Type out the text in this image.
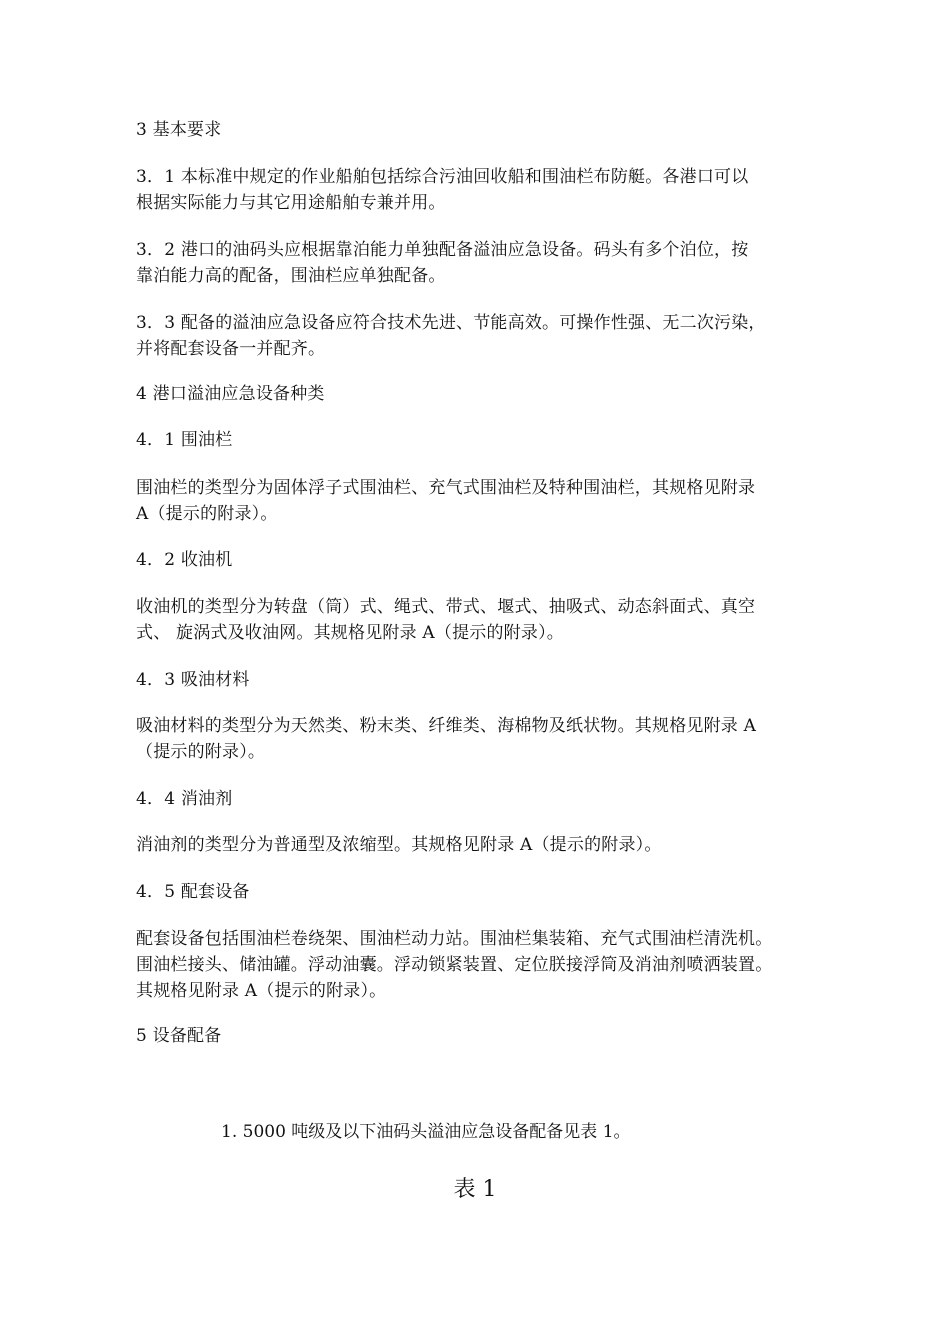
3 基本要求
3．1 本标准中规定的作业船舶包括综合污油回收船和围油栏布防艇。各港口可以
根据实际能力与其它用途船舶专兼并用。
3．2 港口的油码头应根据靠泊能力单独配备溢油应急设备。码头有多个泊位，按
靠泊能力高的配备，围油栏应单独配备。
3．3 配备的溢油应急设备应符合技术先进、节能高效。可操作性强、无二次污染，
并将配套设备一并配齐。
4 港口溢油应急设备种类
4．1 围油栏
围油栏的类型分为固体浮子式围油栏、充气式围油栏及特种围油栏，其规格见附录
A（提示的附录）。
4．2 收油机
收油机的类型分为转盘（筒）式、绳式、带式、堰式、抽吸式、动态斜面式、真空
式、 旋涡式及收油网。其规格见附录 A（提示的附录）。
4．3 吸油材料
吸油材料的类型分为天然类、粉末类、纤维类、海棉物及纸状物。其规格见附录 A
（提示的附录）。
4．4 消油剂
消油剂的类型分为普通型及浓缩型。其规格见附录 A（提示的附录）。
4．5 配套设备
配套设备包括围油栏卷绕架、围油栏动力站。围油栏集装箱、充气式围油栏清洗机。
围油栏接头、储油罐。浮动油囊。浮动锁紧装置、定位朕接浮筒及消油剂喷洒装置。
其规格见附录 A（提示的附录）。
5 设备配备
1. 5000 吨级及以下油码头溢油应急设备配备见表 1。
表 1
